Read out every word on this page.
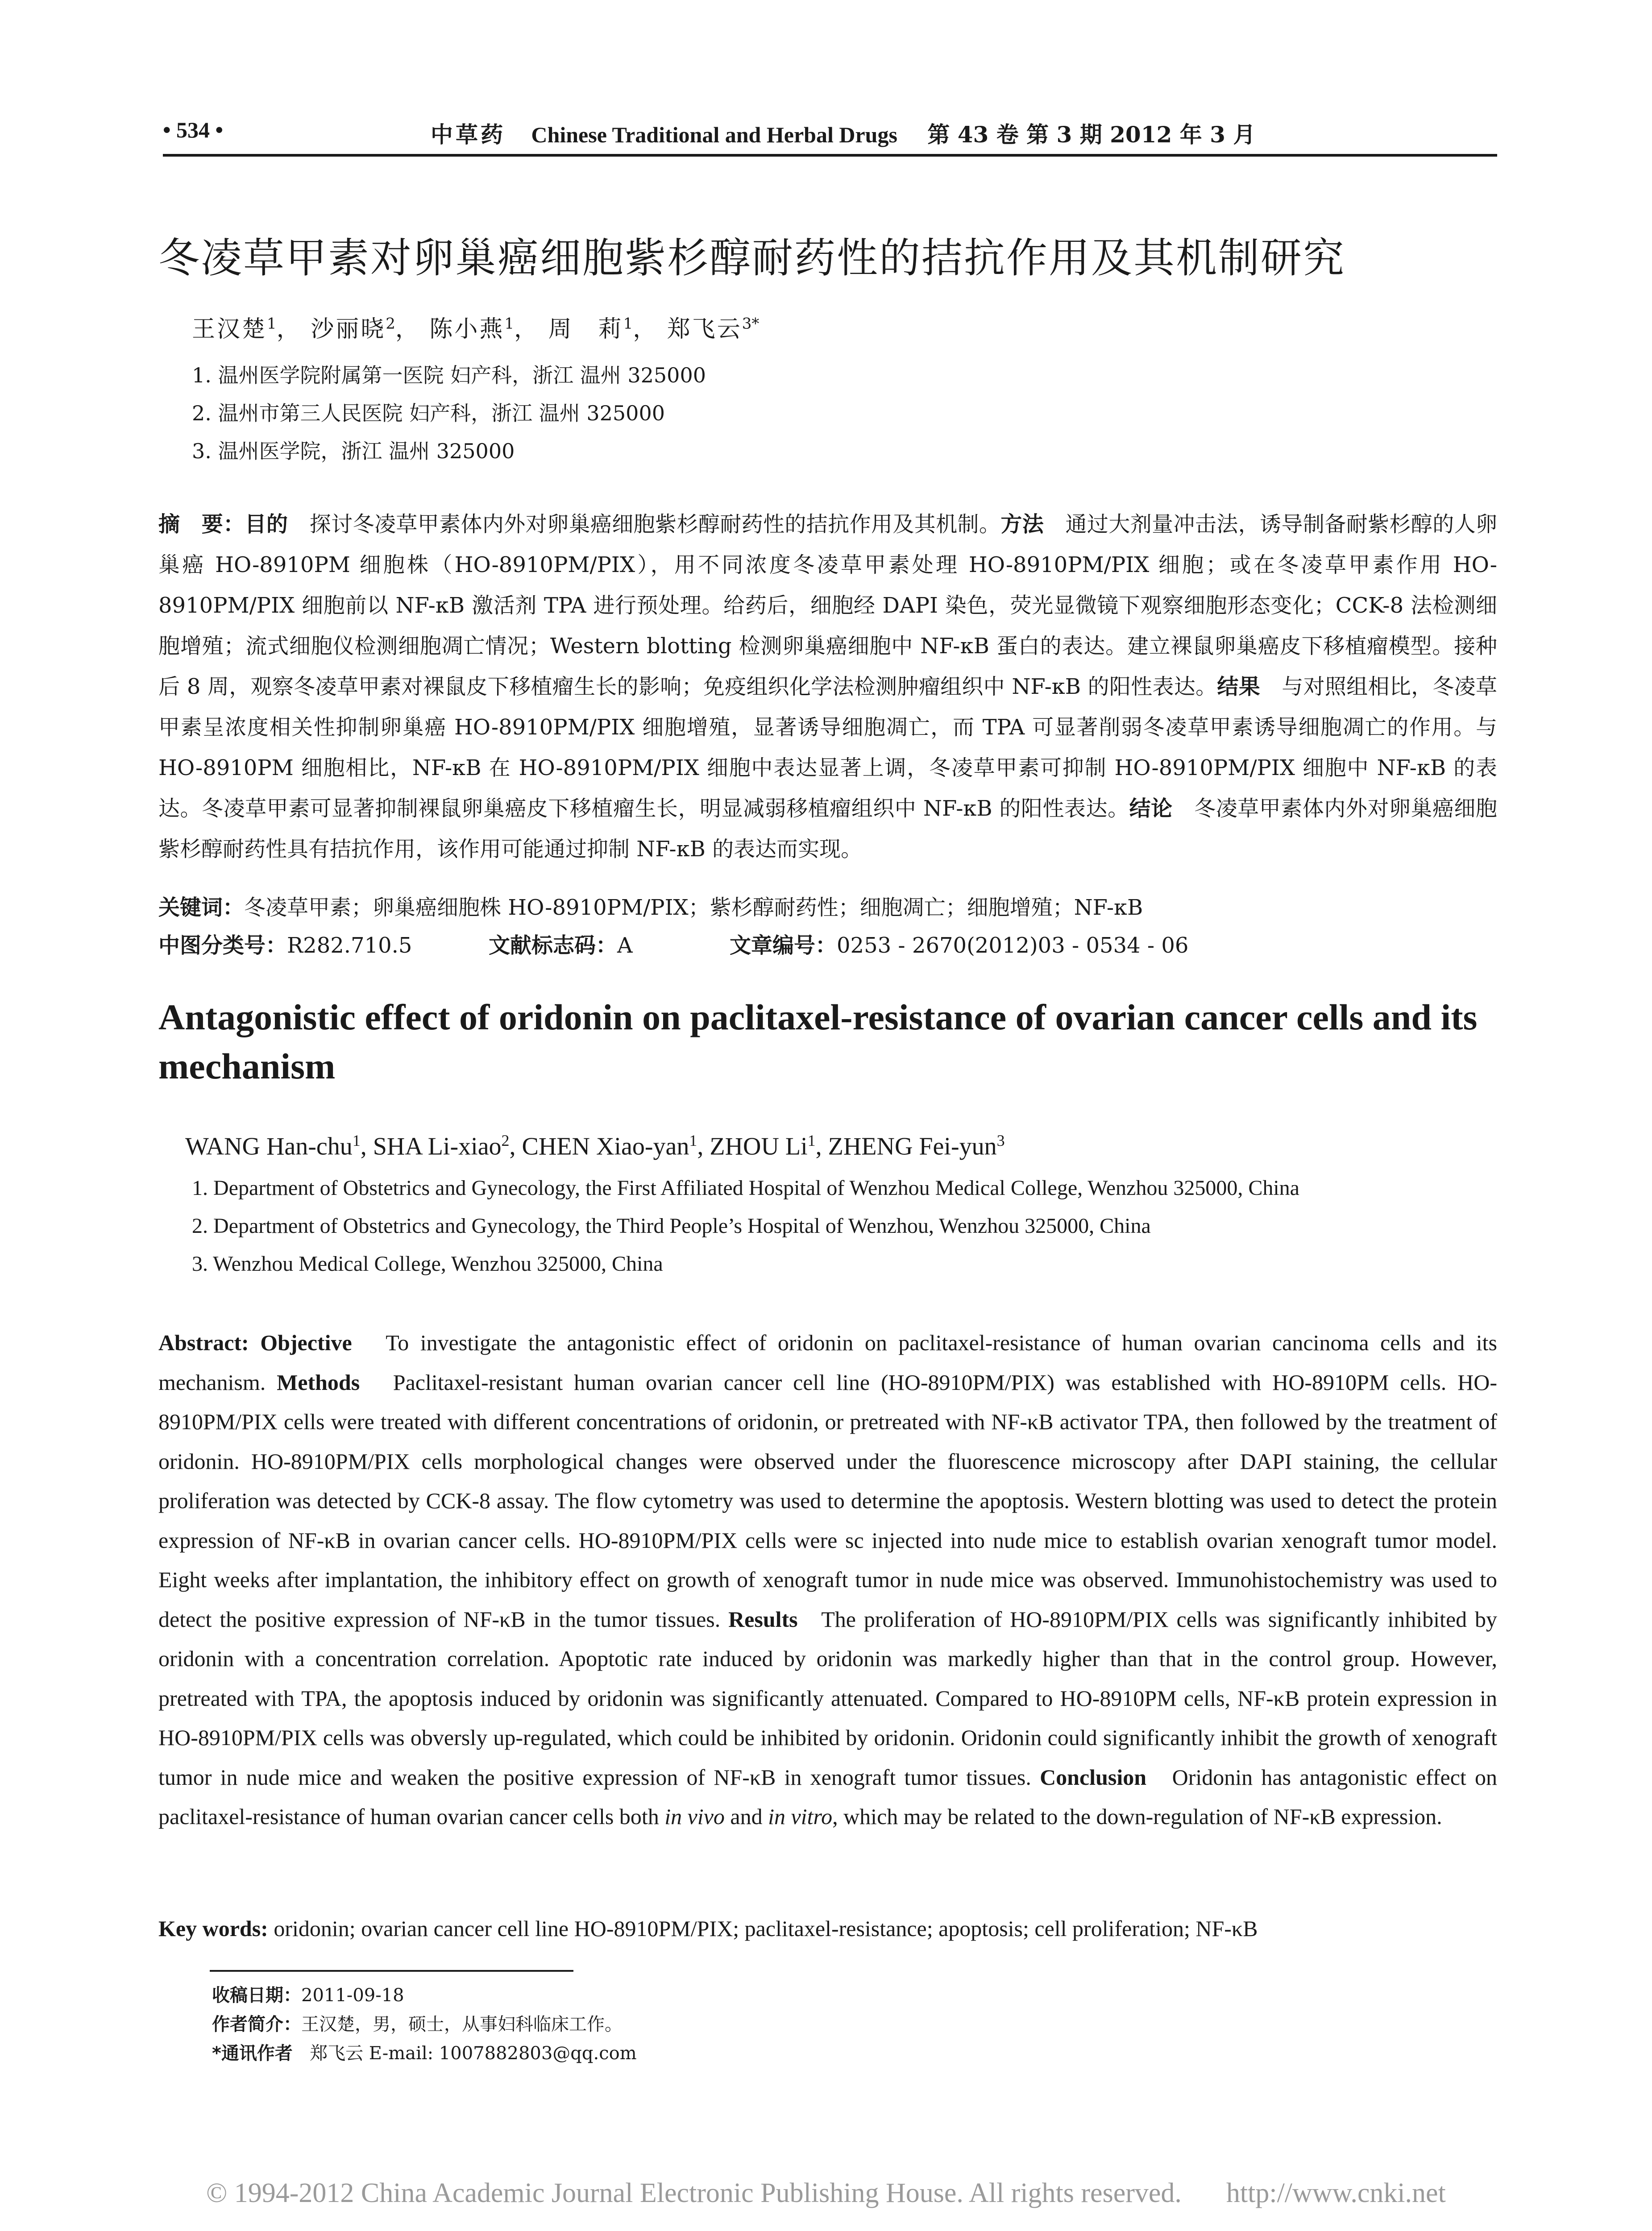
• 534 •	中草药 Chinese Traditional and Herbal Drugs 第 43 卷 第 3 期 2012 年 3 月
冬凌草甲素对卵巢癌细胞紫杉醇耐药性的拮抗作用及其机制研究
王汉楚$^1$， 沙丽晓$^2$， 陈小燕$^1$， 周　莉$^1$， 郑飞云$^{3*}$
1. 温州医学院附属第一医院 妇产科，浙江 温州 325000
2. 温州市第三人民医院 妇产科，浙江 温州 325000
3. 温州医学院，浙江 温州 325000
摘　要：目的　 探讨冬凌草甲素体内外对卵巢癌细胞紫杉醇耐药性的拮抗作用及其机制。方法　 通过大剂量冲击法，诱导制备耐紫杉醇的人卵巢癌 HO-8910PM 细胞株（HO-8910PM/PIX），用不同浓度冬凌草甲素处理 HO-8910PM/PIX 细胞；或在冬凌草甲素作用 HO-8910PM/PIX 细胞前以 NF-κB 激活剂 TPA 进行预处理。给药后，细胞经 DAPI 染色，荧光显微镜下观察细胞形态变化；CCK-8 法检测细胞增殖；流式细胞仪检测细胞凋亡情况；Western blotting 检测卵巢癌细胞中 NF-κB 蛋白的表达。建立裸鼠卵巢癌皮下移植瘤模型。接种后 8 周，观察冬凌草甲素对裸鼠皮下移植瘤生长的影响；免疫组织化学法检测肿瘤组织中 NF-κB 的阳性表达。结果　 与对照组相比，冬凌草甲素呈浓度相关性抑制卵巢癌 HO-8910PM/PIX 细胞增殖，显著诱导细胞凋亡，而 TPA 可显著削弱冬凌草甲素诱导细胞凋亡的作用。与 HO-8910PM 细胞相比，NF-κB 在 HO-8910PM/PIX 细胞中表达显著上调，冬凌草甲素可抑制 HO-8910PM/PIX 细胞中 NF-κB 的表达。冬凌草甲素可显著抑制裸鼠卵巢癌皮下移植瘤生长，明显减弱移植瘤组织中 NF-κB 的阳性表达。结论　 冬凌草甲素体内外对卵巢癌细胞紫杉醇耐药性具有拮抗作用，该作用可能通过抑制 NF-κB 的表达而实现。
关键词：冬凌草甲素；卵巢癌细胞株 HO-8910PM/PIX；紫杉醇耐药性；细胞凋亡；细胞增殖；NF-κB
中图分类号：R282.710.5	文献标志码：A	文章编号：0253 - 2670(2012)03 - 0534 - 06
Antagonistic effect of oridonin on paclitaxel-resistance of ovarian cancer cells and its mechanism
WANG Han-chu$^1$, SHA Li-xiao$^2$, CHEN Xiao-yan$^1$, ZHOU Li$^1$, ZHENG Fei-yun$^3$
1. Department of Obstetrics and Gynecology, the First Affiliated Hospital of Wenzhou Medical College, Wenzhou 325000, China
2. Department of Obstetrics and Gynecology, the Third People’s Hospital of Wenzhou, Wenzhou 325000, China
3. Wenzhou Medical College, Wenzhou 325000, China
Abstract: Objective To investigate the antagonistic effect of oridonin on paclitaxel-resistance of human ovarian cancinoma cells and its mechanism. Methods Paclitaxel-resistant human ovarian cancer cell line (HO-8910PM/PIX) was established with HO-8910PM cells. HO-8910PM/PIX cells were treated with different concentrations of oridonin, or pretreated with NF-κB activator TPA, then followed by the treatment of oridonin. HO-8910PM/PIX cells morphological changes were observed under the fluorescence microscopy after DAPI staining, the cellular proliferation was detected by CCK-8 assay. The flow cytometry was used to determine the apoptosis. Western blotting was used to detect the protein expression of NF-κB in ovarian cancer cells. HO-8910PM/PIX cells were sc injected into nude mice to establish ovarian xenograft tumor model. Eight weeks after implantation, the inhibitory effect on growth of xenograft tumor in nude mice was observed. Immunohistochemistry was used to detect the positive expression of NF-κB in the tumor tissues. Results The proliferation of HO-8910PM/PIX cells was significantly inhibited by oridonin with a concentration correlation. Apoptotic rate induced by oridonin was markedly higher than that in the control group. However, pretreated with TPA, the apoptosis induced by oridonin was significantly attenuated. Compared to HO-8910PM cells, NF-κB protein expression in HO-8910PM/PIX cells was obversly up-regulated, which could be inhibited by oridonin. Oridonin could significantly inhibit the growth of xenograft tumor in nude mice and weaken the positive expression of NF-κB in xenograft tumor tissues. Conclusion Oridonin has antagonistic effect on paclitaxel-resistance of human ovarian cancer cells both in vivo and in vitro, which may be related to the down-regulation of NF-κB expression.
Key words: oridonin; ovarian cancer cell line HO-8910PM/PIX; paclitaxel-resistance; apoptosis; cell proliferation; NF-κB
收稿日期：2011-09-18
作者简介：王汉楚，男，硕士，从事妇科临床工作。
*通讯作者 郑飞云 E-mail: 1007882803@qq.com
© 1994-2012 China Academic Journal Electronic Publishing House. All rights reserved. http://www.cnki.net
